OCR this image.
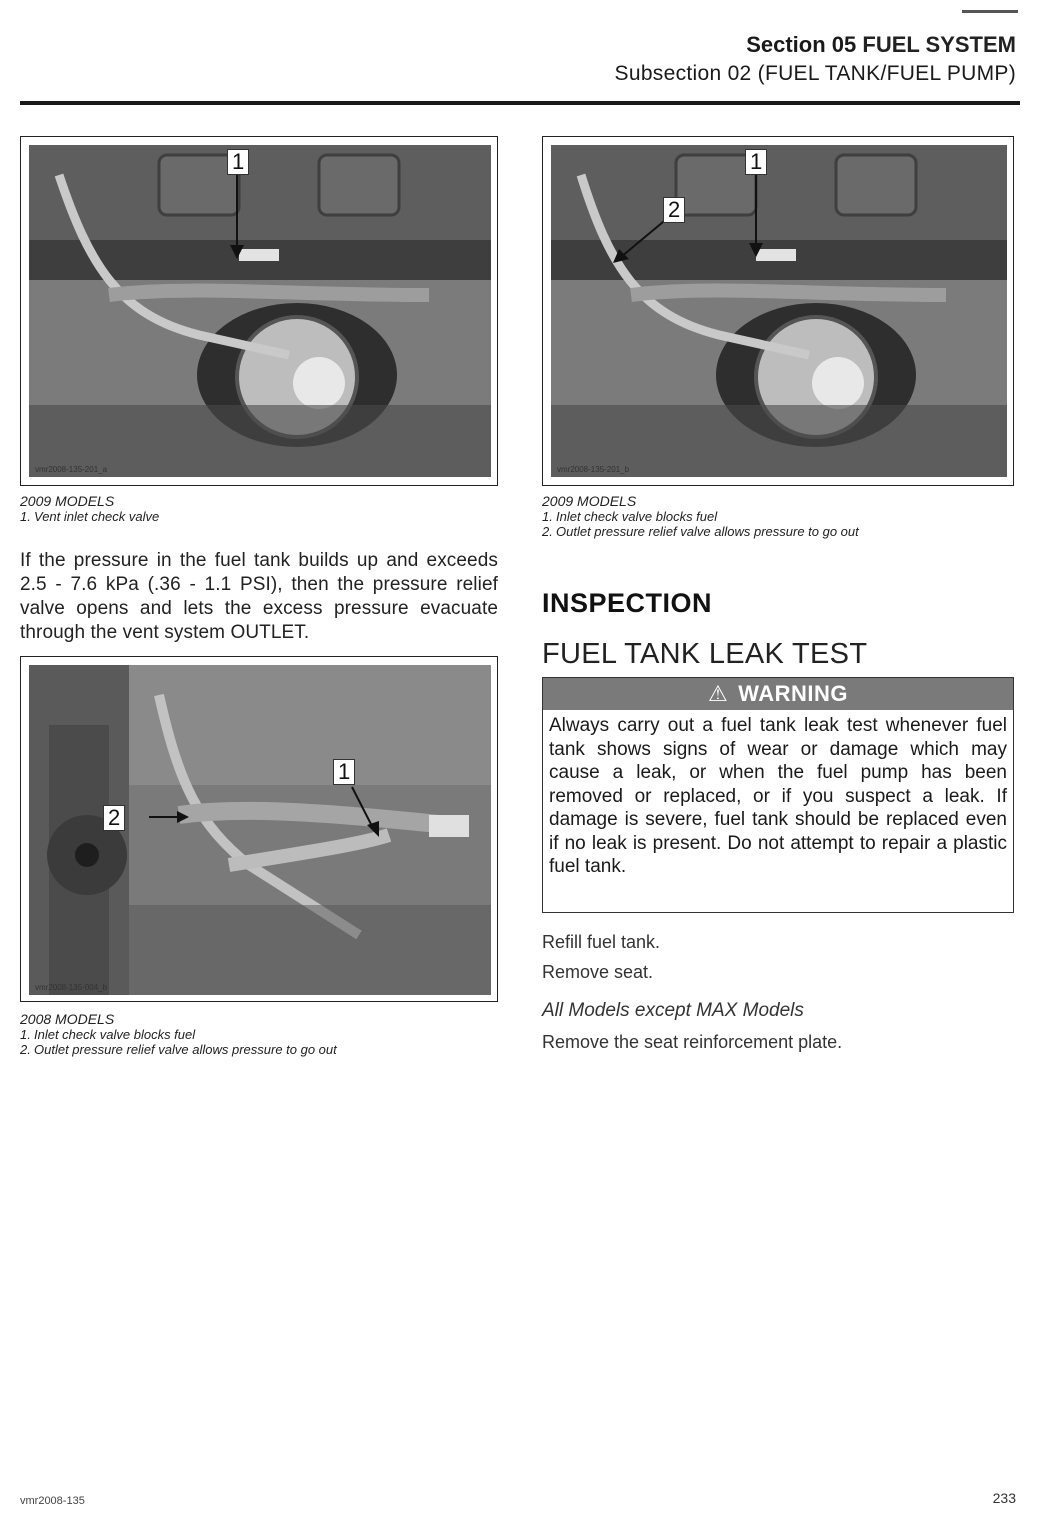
Section 05 FUEL SYSTEM
Subsection 02 (FUEL TANK/FUEL PUMP)
1
vmr2008-135-201_a
2009 MODELS
1. Vent inlet check valve
If the pressure in the fuel tank builds up and exceeds 2.5 - 7.6 kPa (.36 - 1.1 PSI), then the pressure relief valve opens and lets the excess pressure evacuate through the vent system OUTLET.
1
2
vmr2008-135-004_b
2008 MODELS
1. Inlet check valve blocks fuel
2. Outlet pressure relief valve allows pressure to go out
1
2
vmr2008-135-201_b
2009 MODELS
1. Inlet check valve blocks fuel
2. Outlet pressure relief valve allows pressure to go out
INSPECTION
FUEL TANK LEAK TEST
⚠ WARNING
Always carry out a fuel tank leak test whenever fuel tank shows signs of wear or damage which may cause a leak, or when the fuel pump has been removed or replaced, or if you suspect a leak. If damage is severe, fuel tank should be replaced even if no leak is present. Do not attempt to repair a plastic fuel tank.
Refill fuel tank.
Remove seat.
All Models except MAX Models
Remove the seat reinforcement plate.
vmr2008-135	233
